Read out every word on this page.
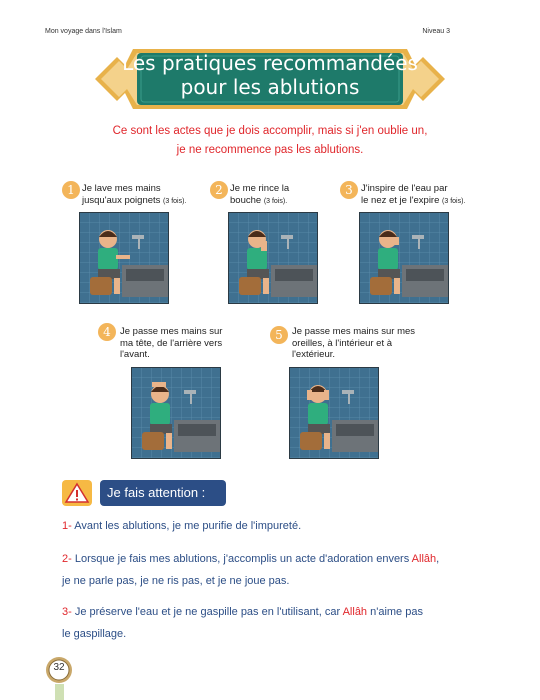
Mon voyage dans l'Islam	Niveau 3
Les pratiques recommandées
pour les ablutions
Ce sont les actes que je dois accomplir, mais si j'en oublie un,
je ne recommence pas les ablutions.
1 Je lave mes mains
jusqu'aux poignets (3 fois).
2 Je me rince la
bouche (3 fois).
3 J'inspire de l'eau par
le nez et je l'expire (3 fois).
4 Je passe mes mains sur
ma tête, de l'arrière vers
l'avant.
5 Je passe mes mains sur mes
oreilles, à l'intérieur et à
l'extérieur.
Je fais attention :
1- Avant les ablutions, je me purifie de l'impureté.
2- Lorsque je fais mes ablutions, j'accomplis un acte d'adoration envers Allâh,
je ne parle pas, je ne ris pas, et je ne joue pas.
3- Je préserve l'eau et je ne gaspille pas en l'utilisant, car Allâh n'aime pas
le gaspillage.
32
